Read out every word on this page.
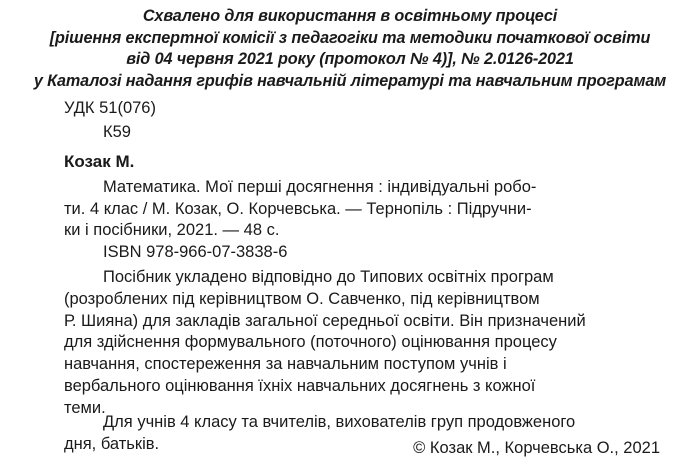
Схвалено для використання в освітньому процесі
[рішення експертної комісії з педагогіки та методики початкової освіти
від 04 червня 2021 року (протокол № 4)], № 2.0126-2021
у Каталозі надання грифів навчальній літературі та навчальним програмам
УДК 51(076)
К59
Козак М.
Математика. Мої перші досягнення : індивідуальні робо-
ти. 4 клас / М. Козак, О. Корчевська. — Тернопіль : Підручни-
ки і посібники, 2021. — 48 с.
ISBN 978-966-07-3838-6
Посібник укладено відповідно до Типових освітніх програм
(розроблених під керівництвом О. Савченко, під керівництвом
Р. Шияна) для закладів загальної середньої освіти. Він призначений
для здійснення формувального (поточного) оцінювання процесу
навчання, спостереження за навчальним поступом учнів і
вербального оцінювання їхніх навчальних досягнень з кожної
теми.
Для учнів 4 класу та вчителів, вихователів груп продовженого
дня, батьків.	© Козак М., Корчевська О., 2021
